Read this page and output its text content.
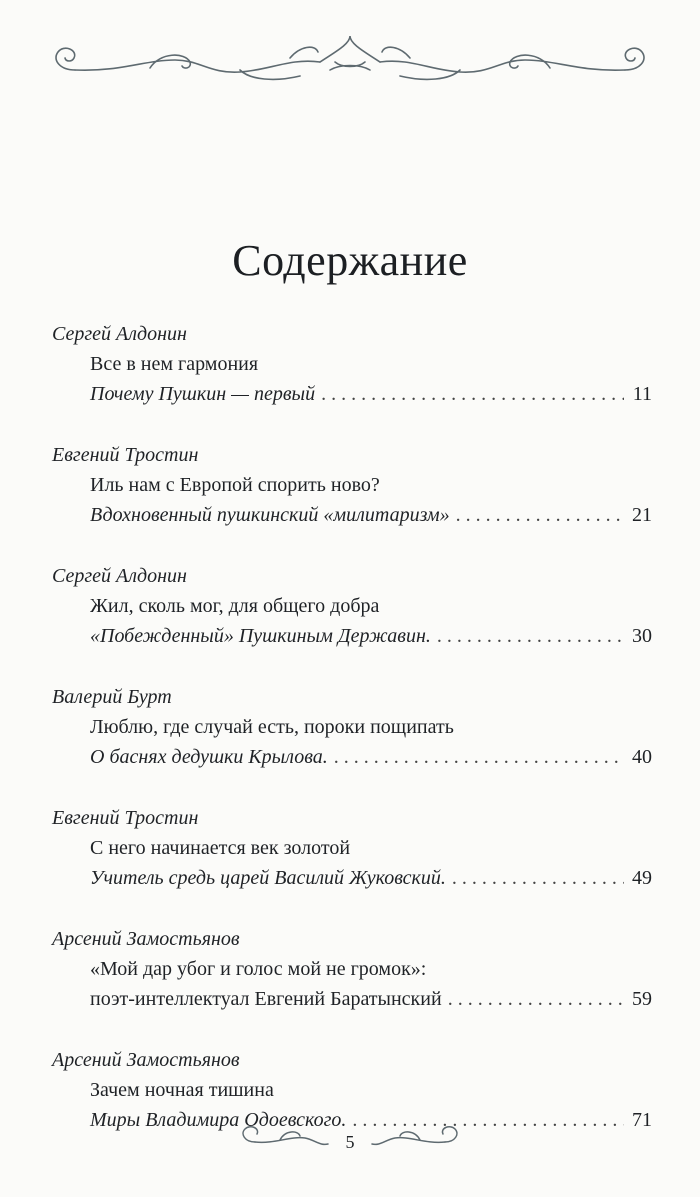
Содержание
Сергей Алдонин
Все в нем гармония
Почему Пушкин — первый . . .	11
Евгений Тростин
Иль нам с Европой спорить ново?
Вдохновенный пушкинский «милитаризм» . . .	21
Сергей Алдонин
Жил, сколь мог, для общего добра
«Побежденный» Пушкиным Державин. . . .	30
Валерий Бурт
Люблю, где случай есть, пороки пощипать
О баснях дедушки Крылова. . . .	40
Евгений Тростин
С него начинается век золотой
Учитель средь царей Василий Жуковский. . . .	49
Арсений Замостьянов
«Мой дар убог и голос мой не громок»:
поэт-интеллектуал Евгений Баратынский . . .	59
Арсений Замостьянов
Зачем ночная тишина
Миры Владимира Одоевского. . . .	71
5
